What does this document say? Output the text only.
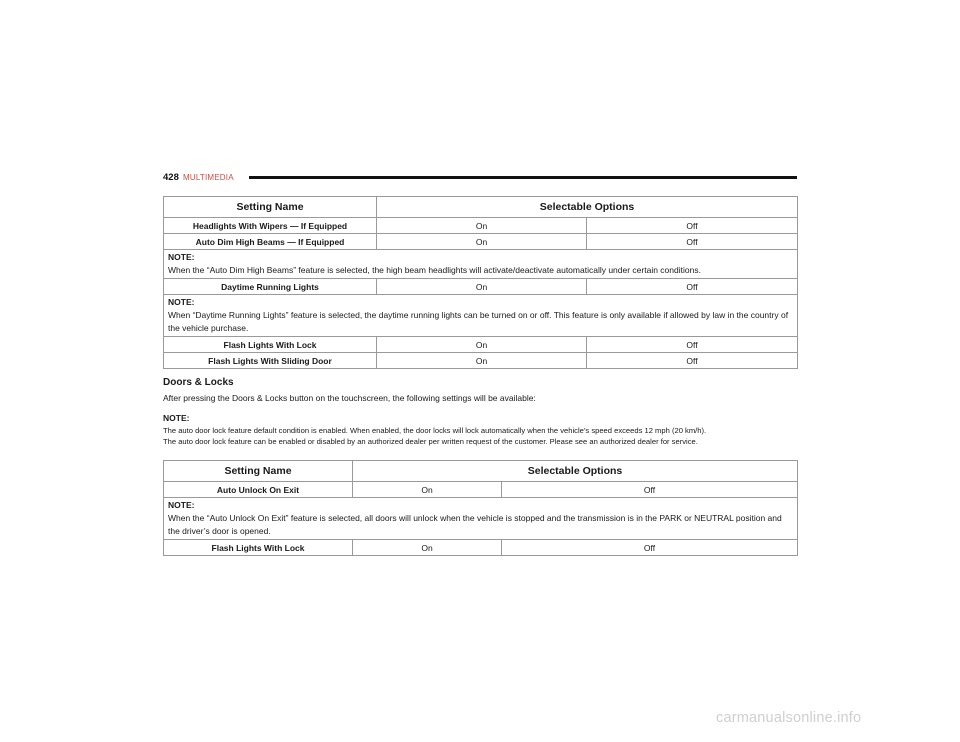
428 MULTIMEDIA
Setting Name	Selectable Options	
Headlights With Wipers — If Equipped	On	Off
Auto Dim High Beams — If Equipped	On	Off

NOTE:
When the “Auto Dim High Beams” feature is selected, the high beam headlights will activate/deactivate automatically under certain conditions.		
Daytime Running Lights	On	Off

NOTE:
When “Daytime Running Lights” feature is selected, the daytime running lights can be turned on or off. This feature is only available if allowed by law in the country of the vehicle purchase.		
Flash Lights With Lock	On	Off
Flash Lights With Sliding Door	On	Off
Doors & Locks
After pressing the Doors & Locks button on the touchscreen, the following settings will be available:
NOTE:
The auto door lock feature default condition is enabled. When enabled, the door locks will lock automatically when the vehicle’s speed exceeds 12 mph (20 km/h).
The auto door lock feature can be enabled or disabled by an authorized dealer per written request of the customer. Please see an authorized dealer for service.
Setting Name	Selectable Options	
Auto Unlock On Exit	On	Off

NOTE:
When the “Auto Unlock On Exit” feature is selected, all doors will unlock when the vehicle is stopped and the transmission is in the PARK or NEUTRAL position and the driver’s door is opened.		
Flash Lights With Lock	On	Off
carmanualsonline.info
